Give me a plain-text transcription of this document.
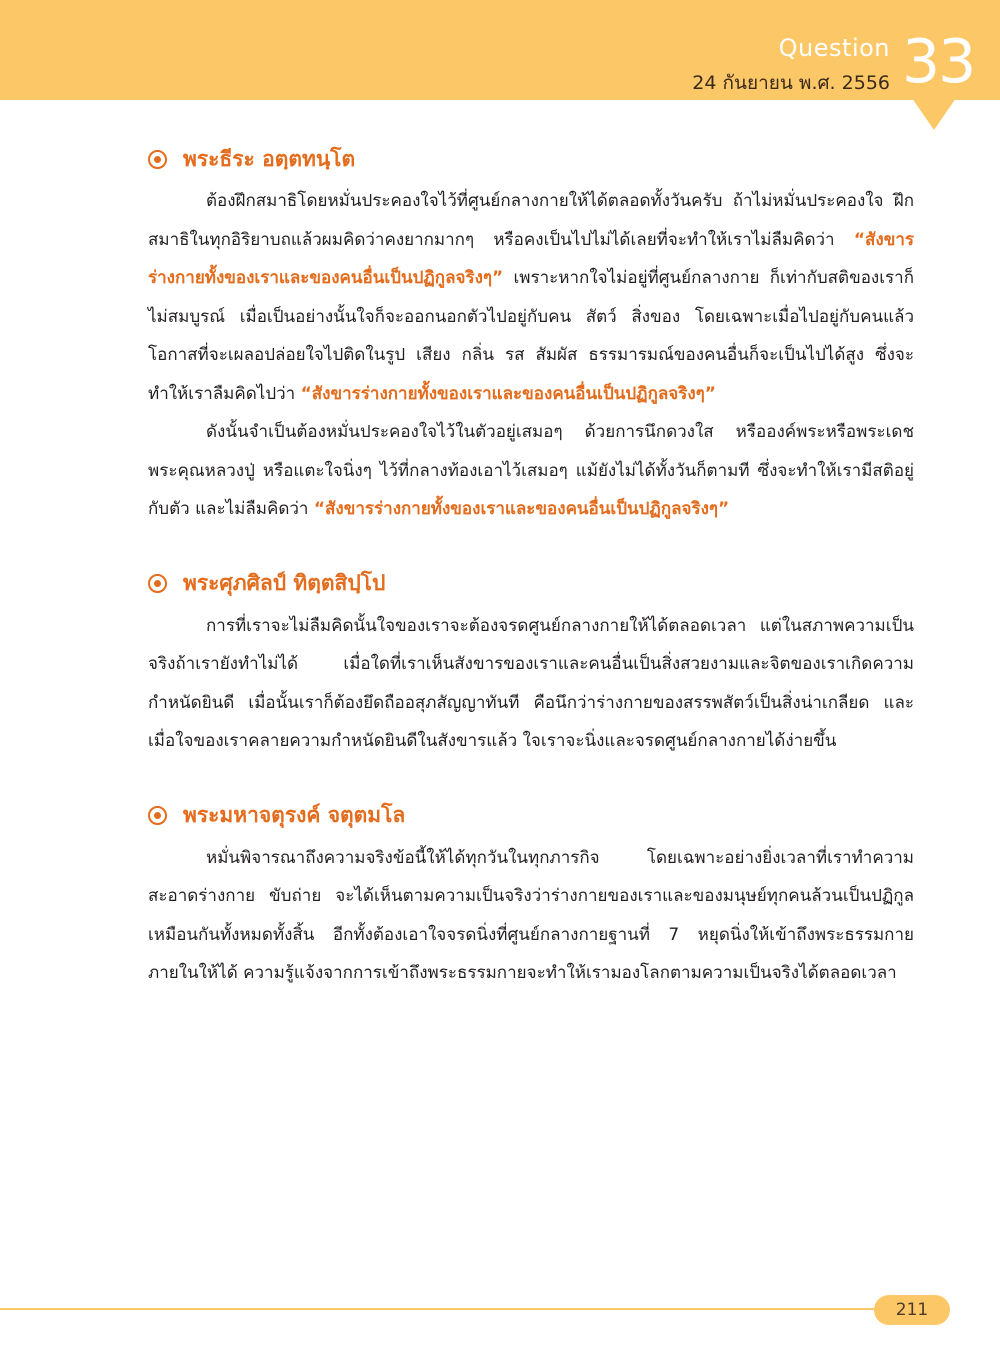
Question
24 กันยายน พ.ศ. 2556 33
พระธีระ อตฺตทนฺโต

ต้องฝึกสมาธิโดยหมั่นประคองใจไว้ที่ศูนย์กลางกายให้ได้ตลอดทั้งวันครับ ถ้าไม่หมั่นประคองใจ ฝึกสมาธิในทุกอิริยาบถแล้วผมคิดว่าคงยากมากๆ หรือคงเป็นไปไม่ได้เลยที่จะทำให้เราไม่ลืมคิดว่า “สังขารร่างกายทั้งของเราและของคนอื่นเป็นปฏิกูลจริงๆ” เพราะหากใจไม่อยู่ที่ศูนย์กลางกาย ก็เท่ากับสติของเราก็ไม่สมบูรณ์ เมื่อเป็นอย่างนั้นใจก็จะออกนอกตัวไปอยู่กับคน สัตว์ สิ่งของ โดยเฉพาะเมื่อไปอยู่กับคนแล้วโอกาสที่จะเผลอปล่อยใจไปติดในรูป เสียง กลิ่น รส สัมผัส ธรรมารมณ์ของคนอื่นก็จะเป็นไปได้สูง ซึ่งจะทำให้เราลืมคิดไปว่า “สังขารร่างกายทั้งของเราและของคนอื่นเป็นปฏิกูลจริงๆ”

ดังนั้นจำเป็นต้องหมั่นประคองใจไว้ในตัวอยู่เสมอๆ ด้วยการนึกดวงใส หรือองค์พระหรือพระเดชพระคุณหลวงปู่ หรือแตะใจนิ่งๆ ไว้ที่กลางท้องเอาไว้เสมอๆ แม้ยังไม่ได้ทั้งวันก็ตามที ซึ่งจะทำให้เรามีสติอยู่กับตัว และไม่ลืมคิดว่า “สังขารร่างกายทั้งของเราและของคนอื่นเป็นปฏิกูลจริงๆ”

พระศุภศิลป์ ทิตฺตสิปฺโป

การที่เราจะไม่ลืมคิดนั้นใจของเราจะต้องจรดศูนย์กลางกายให้ได้ตลอดเวลา แต่ในสภาพความเป็นจริงถ้าเรายังทำไม่ได้ เมื่อใดที่เราเห็นสังขารของเราและคนอื่นเป็นสิ่งสวยงามและจิตของเราเกิดความกำหนัดยินดี เมื่อนั้นเราก็ต้องยึดถืออสุภสัญญาทันที คือนึกว่าร่างกายของสรรพสัตว์เป็นสิ่งน่าเกลียด และเมื่อใจของเราคลายความกำหนัดยินดีในสังขารแล้ว ใจเราจะนิ่งและจรดศูนย์กลางกายได้ง่ายขึ้น

พระมหาจตุรงค์ จตุตมโล

หมั่นพิจารณาถึงความจริงข้อนี้ให้ได้ทุกวันในทุกภารกิจ โดยเฉพาะอย่างยิ่งเวลาที่เราทำความสะอาดร่างกาย ขับถ่าย จะได้เห็นตามความเป็นจริงว่าร่างกายของเราและของมนุษย์ทุกคนล้วนเป็นปฏิกูลเหมือนกันทั้งหมดทั้งสิ้น อีกทั้งต้องเอาใจจรดนิ่งที่ศูนย์กลางกายฐานที่ 7 หยุดนิ่งให้เข้าถึงพระธรรมกายภายในให้ได้ ความรู้แจ้งจากการเข้าถึงพระธรรมกายจะทำให้เรามองโลกตามความเป็นจริงได้ตลอดเวลา

211
